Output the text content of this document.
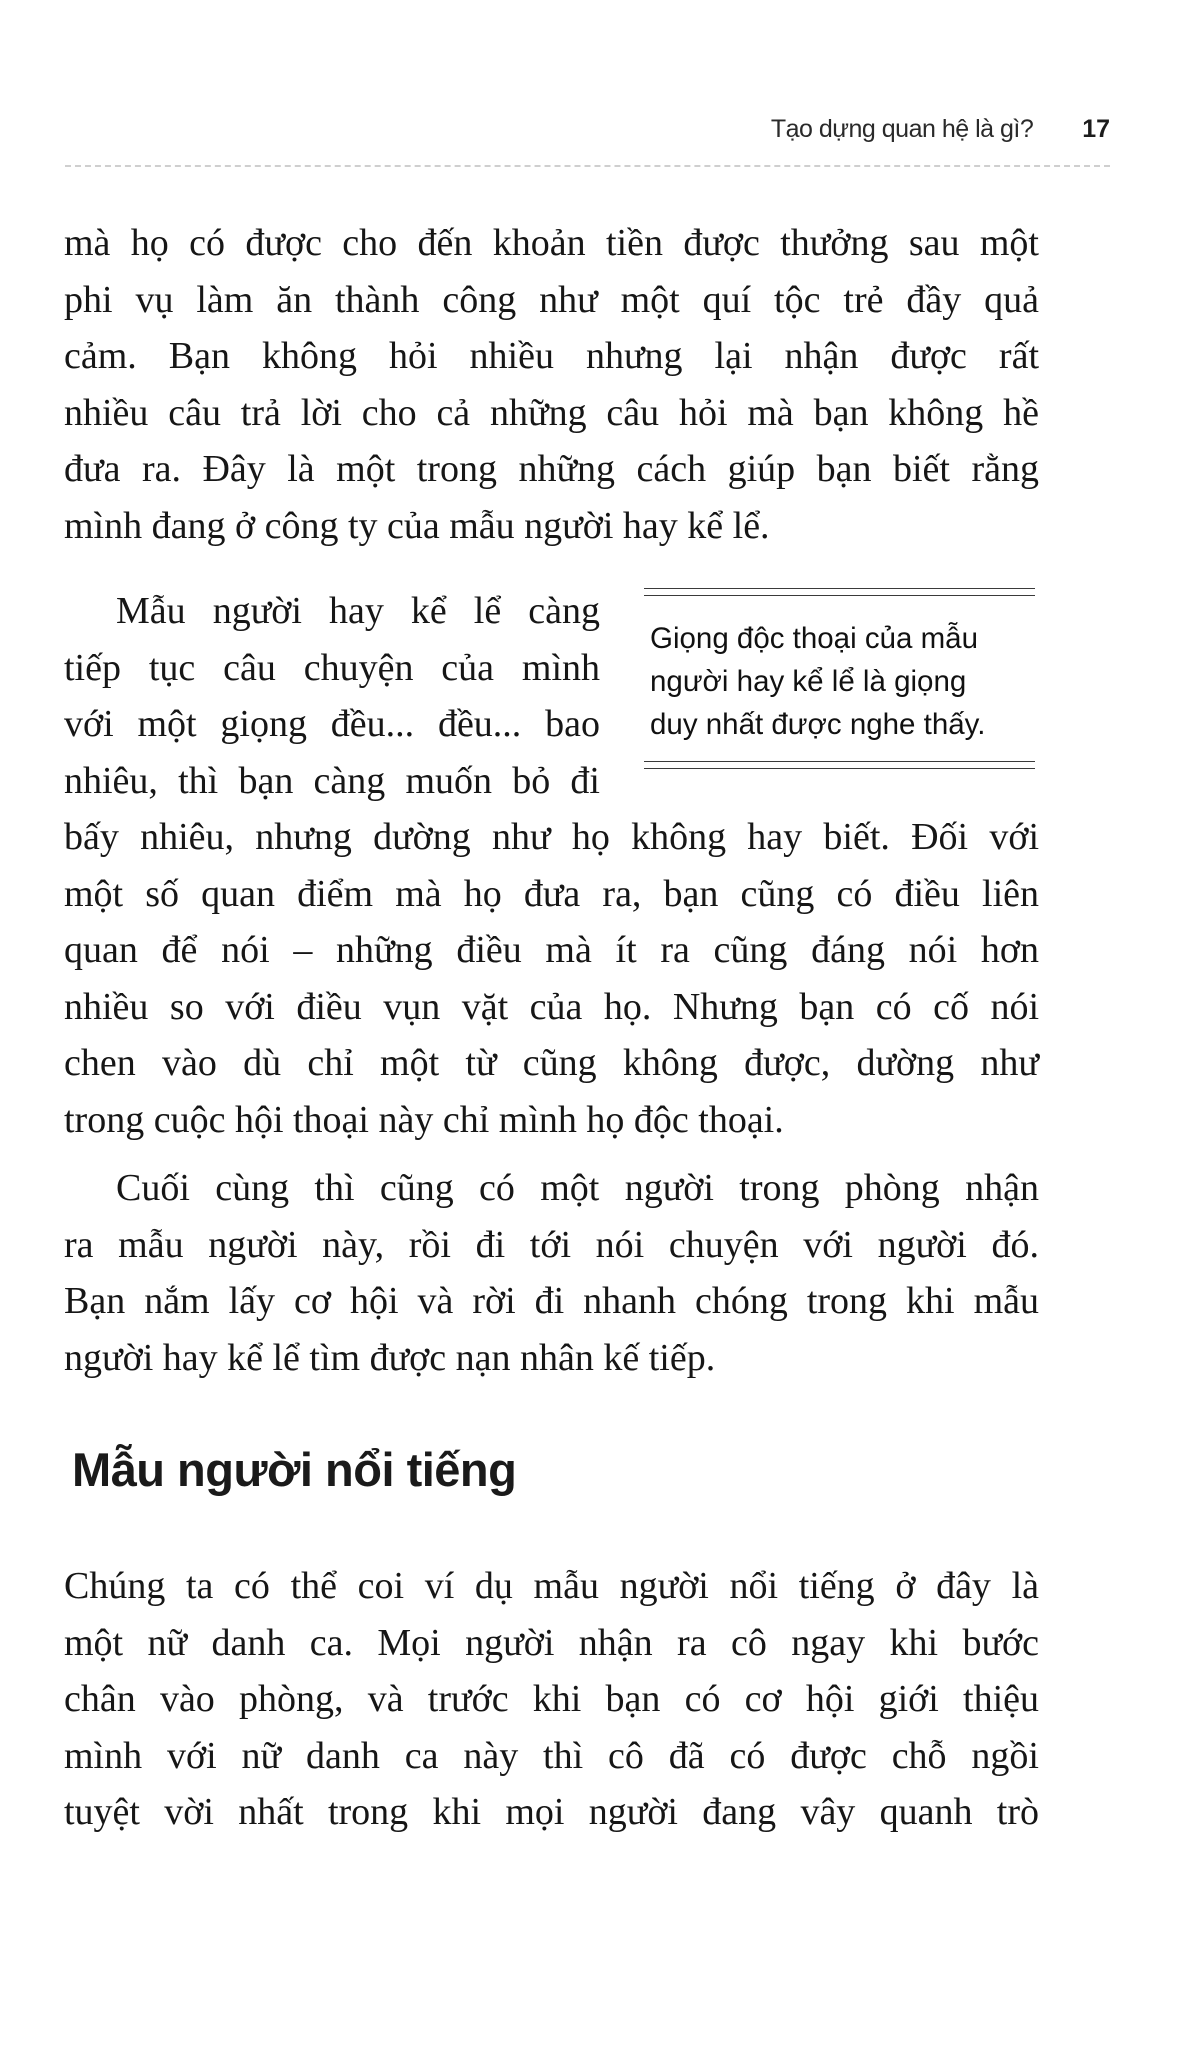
Tạo dựng quan hệ là gì? 17
mà họ có được cho đến khoản tiền được thưởng sau một
phi vụ làm ăn thành công như một quí tộc trẻ đầy quả
cảm. Bạn không hỏi nhiều nhưng lại nhận được rất
nhiều câu trả lời cho cả những câu hỏi mà bạn không hề
đưa ra. Đây là một trong những cách giúp bạn biết rằng
mình đang ở công ty của mẫu người hay kể lể.
Mẫu người hay kể lể càng
tiếp tục câu chuyện của mình
với một giọng đều... đều... bao
nhiêu, thì bạn càng muốn bỏ đi
Giọng độc thoại của mẫu
người hay kể lể là giọng
duy nhất được nghe thấy.
bấy nhiêu, nhưng dường như họ không hay biết. Đối với
một số quan điểm mà họ đưa ra, bạn cũng có điều liên
quan để nói – những điều mà ít ra cũng đáng nói hơn
nhiều so với điều vụn vặt của họ. Nhưng bạn có cố nói
chen vào dù chỉ một từ cũng không được, dường như
trong cuộc hội thoại này chỉ mình họ độc thoại.
Cuối cùng thì cũng có một người trong phòng nhận
ra mẫu người này, rồi đi tới nói chuyện với người đó.
Bạn nắm lấy cơ hội và rời đi nhanh chóng trong khi mẫu
người hay kể lể tìm được nạn nhân kế tiếp.
Mẫu người nổi tiếng
Chúng ta có thể coi ví dụ mẫu người nổi tiếng ở đây là
một nữ danh ca. Mọi người nhận ra cô ngay khi bước
chân vào phòng, và trước khi bạn có cơ hội giới thiệu
mình với nữ danh ca này thì cô đã có được chỗ ngồi
tuyệt vời nhất trong khi mọi người đang vây quanh trò
